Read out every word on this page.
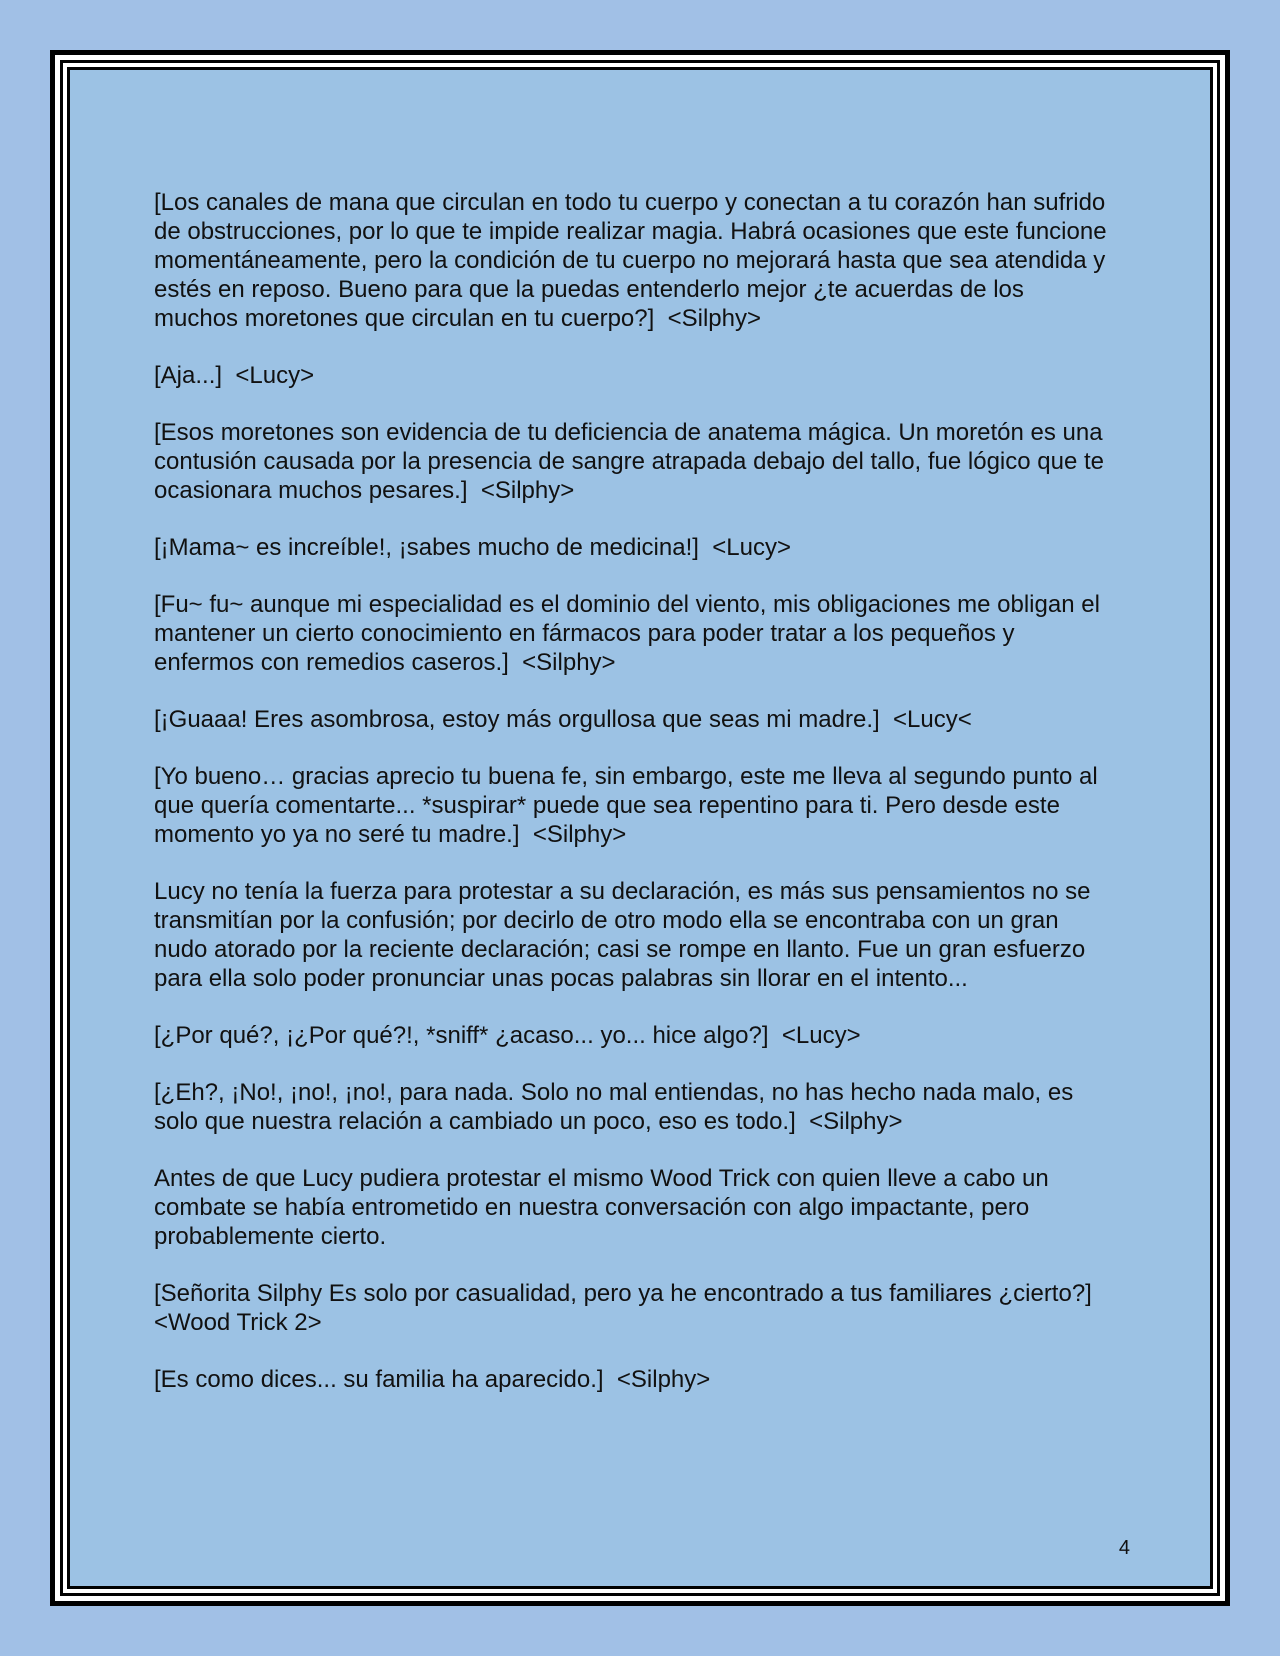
[Los canales de mana que circulan en todo tu cuerpo y conectan a tu corazón han sufrido de obstrucciones, por lo que te impide realizar magia. Habrá ocasiones que este funcione momentáneamente, pero la condición de tu cuerpo no mejorará hasta que sea atendida y estés en reposo. Bueno para que la puedas entenderlo mejor ¿te acuerdas de los muchos moretones que circulan en tu cuerpo?]  <Silphy>

[Aja...]  <Lucy>

[Esos moretones son evidencia de tu deficiencia de anatema mágica. Un moretón es una contusión causada por la presencia de sangre atrapada debajo del tallo, fue lógico que te ocasionara muchos pesares.]  <Silphy>

[¡Mama~ es increíble!, ¡sabes mucho de medicina!]  <Lucy>

[Fu~ fu~ aunque mi especialidad es el dominio del viento, mis obligaciones me obligan el mantener un cierto conocimiento en fármacos para poder tratar a los pequeños y enfermos con remedios caseros.]  <Silphy>

[¡Guaaa! Eres asombrosa, estoy más orgullosa que seas mi madre.]  <Lucy<

[Yo bueno… gracias aprecio tu buena fe, sin embargo, este me lleva al segundo punto al que quería comentarte... *suspirar* puede que sea repentino para ti. Pero desde este momento yo ya no seré tu madre.]  <Silphy>

Lucy no tenía la fuerza para protestar a su declaración, es más sus pensamientos no se transmitían por la confusión; por decirlo de otro modo ella se encontraba con un gran nudo atorado por la reciente declaración; casi se rompe en llanto. Fue un gran esfuerzo para ella solo poder pronunciar unas pocas palabras sin llorar en el intento...

[¿Por qué?, ¡¿Por qué?!, *sniff* ¿acaso... yo... hice algo?]  <Lucy>

[¿Eh?, ¡No!, ¡no!, ¡no!, para nada. Solo no mal entiendas, no has hecho nada malo, es solo que nuestra relación a cambiado un poco, eso es todo.]  <Silphy>

Antes de que Lucy pudiera protestar el mismo Wood Trick con quien lleve a cabo un combate se había entrometido en nuestra conversación con algo impactante, pero probablemente cierto.

[Señorita Silphy Es solo por casualidad, pero ya he encontrado a tus familiares ¿cierto?] <Wood Trick 2>

[Es como dices... su familia ha aparecido.]  <Silphy>

4
